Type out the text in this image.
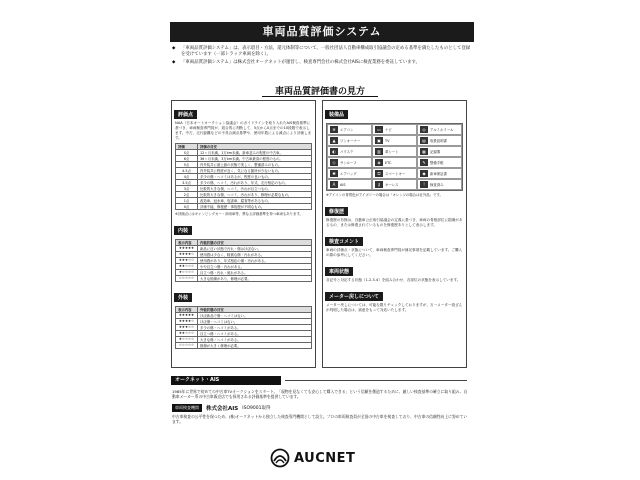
車両品質評価システム
◆ 「車両品質評価システム」は、表示項目・方法、還元体制等について、一般社団法人自動車構成取引協議会の定める基準を満たしたものとして登録を受けています（一部トラック車両を除く）。
◆ 「車両品質評価システム」は株式会社オークネットが運営し、検査専門会社の株式会社AISに検査業務を委託しています。
車両品質評価書の見方
評価点
NAA（日本オートオークション協議会）のガイドラインを取り入れたAIS検査基準に基づき、車両検査専門員が、総合的に判断して、5点から0点までの10段階で表示します。中古、走行距離などの不具合減点基準や、使用年数による減点により評価します。
評価	評価の目安
S点	12ヶ月未満、1万km未満。新車並みの程度の中古車。
6点	36ヶ月未満、3万km未満。中古車最高の程度のもの。
5点	内外装共に最上級の状態で美しく、整備済みのもの。
4.5点	内外装共に程度が良く、気になる箇所が少ないもの。
4点	多少の傷・ヘコミはあるが、程度の良いもの。
3.5点	多少の傷、ヘコミ、汚れがあり、年式、走行相応のもの。
3点	比較的大きな傷、ヘコミ、汚れが目立つもの。
2点	比較的大きな傷、ヘコミ、汚れがあり、修理が必要なもの。
1点	改造車、冠水車、塩害車、腐食等があるもの。
0点	評価不能、修復歴・事故歴が不明なもの。
※評価点にはキャンピングカー・商用車等、異なる評価基準を持つ車両もあります。
内装
表示内容	内装状態の目安
★★★★★	新品に近い状態で汚れ・傷はほぼない。
★★★★☆	使用感は少なく、軽微な傷・汚れがある。
★★★☆☆	使用感があり、年式相応の傷・汚れがある。
★★☆☆☆	やや目立つ傷・汚れがある。
★☆☆☆☆	目立つ傷・汚れ・破れがある。
☆☆☆☆☆	大きな損傷があり、修理が必要。
外装
表示内容	外装状態の目安
★★★★★	ほぼ新品で傷・ヘコミはない。
★★★★☆	ほぼ傷・ヘコミはない。
★★★☆☆	多少の傷・ヘコミがある。
★★☆☆☆	目立つ傷・ヘコミがある。
★☆☆☆☆	大きな傷・ヘコミがある。
☆☆☆☆☆	損傷が大きく修理が必要。
装備品
❄	エアコン	▭	ナビ	◎	アルミホイール
▲	ワンオーナー	▣	TV	▤	取扱説明書
◐	パワステ	▥	革シート	▦	記録簿
◇	サンルーフ	◈	ETC	✎	整備手帳
✱	エアバッグ	⚿	スマートキー	◆	新車保証書
A	AIS	⚷	キーレス	!	検査済み
※アイコンの背景色がアイボリーの場合は「オレンジの場合は社外品」です。
修復歴
修復歴の有無は、自動車公正取引協議会の定義に基づき、車両の骨格部位に損傷があるもの、または修復されているものを修復歴ありとして表示します。
検査コメント
車両の評価点・状態について、車両検査専門員が補足事項を記載しています。ご購入の際の参考にしてください。
車両状態
各記号と対応する状態（1.2.3.4）を組み合わせ、各部位の状態を表示しています。
メーター戻しについて
メーター戻しについては、可能な限りチェックしておりますが、万一メーター改ざんが判明した場合は、誠意をもって対応いたします。
オークネット・AIS
1985年に世界で初めての中古車TVオークションをスタート。「現物を見なくても安心して購入できる」という信頼を創造するために、厳しい検査基準の確立に取り組み、自動車メーカー系の中古車販売店でも採用される評価基準を提供しています。
車両検査機関	株式会社AIS ISO9001取得
中古車検査の公平性を保つため、(株)オークネットから独立した検査専門機関として設立。プロの車両検査員が全国の中古車を検査しており、中古車の信頼性向上に努めています。
AUCNET
